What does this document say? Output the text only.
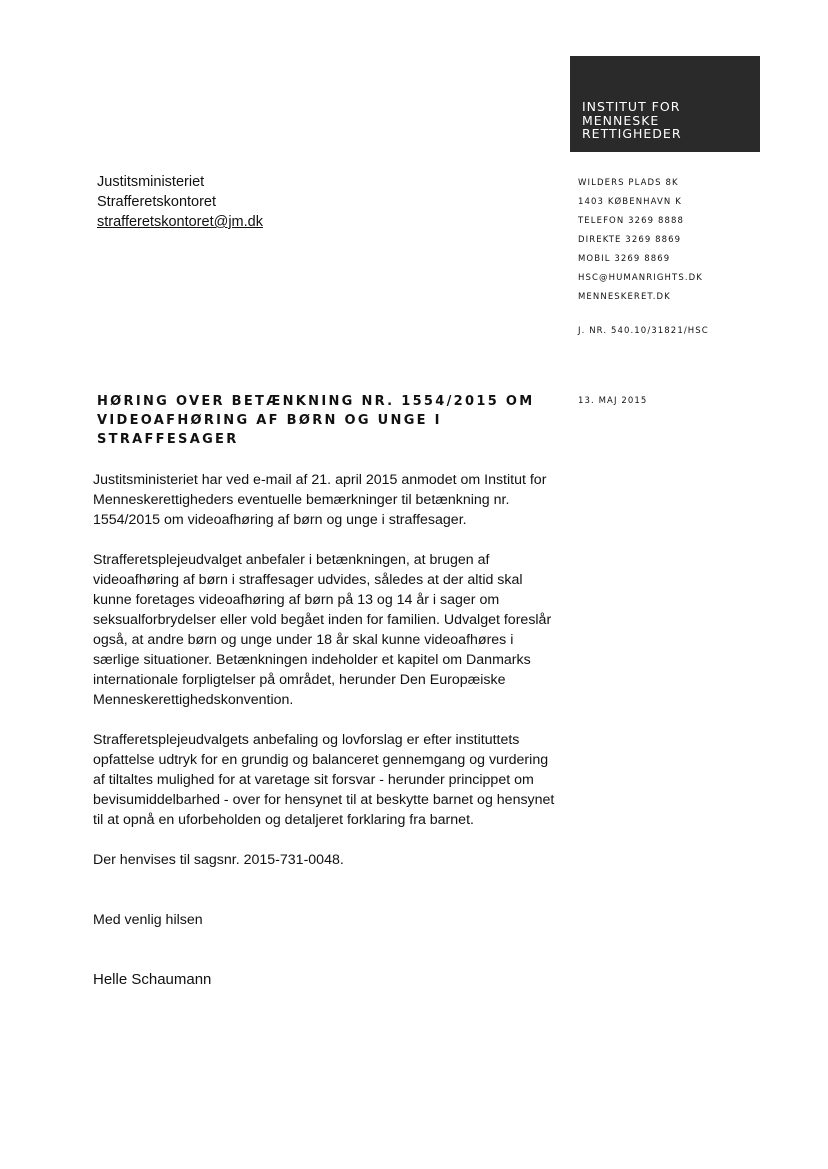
INSTITUT FOR
MENNESKE
RETTIGHEDER
Justitsministeriet
Strafferetskontoret
strafferetskontoret@jm.dk
WILDERS PLADS 8K
1403 KØBENHAVN K
TELEFON 3269 8888
DIREKTE 3269 8869
MOBIL 3269 8869
HSC@HUMANRIGHTS.DK
MENNESKERET.DK
J. NR. 540.10/31821/HSC
13. MAJ 2015
HØRING OVER BETÆNKNING NR. 1554/2015 OM
VIDEOAFHØRING AF BØRN OG UNGE I
STRAFFESAGER

Justitsministeriet har ved e-mail af 21. april 2015 anmodet om Institut for Menneskerettigheders eventuelle bemærkninger til betænkning nr. 1554/2015 om videoafhøring af børn og unge i straffesager.

Strafferetsplejeudvalget anbefaler i betænkningen, at brugen af videoafhøring af børn i straffesager udvides, således at der altid skal kunne foretages videoafhøring af børn på 13 og 14 år i sager om seksualforbrydelser eller vold begået inden for familien. Udvalget foreslår også, at andre børn og unge under 18 år skal kunne videoafhøres i særlige situationer. Betænkningen indeholder et kapitel om Danmarks internationale forpligtelser på området, herunder Den Europæiske Menneskerettighedskonvention.

Strafferetsplejeudvalgets anbefaling og lovforslag er efter instituttets opfattelse udtryk for en grundig og balanceret gennemgang og vurdering af tiltaltes mulighed for at varetage sit forsvar - herunder princippet om bevisumiddelbarhed - over for hensynet til at beskytte barnet og hensynet til at opnå en uforbeholden og detaljeret forklaring fra barnet.

Der henvises til sagsnr. 2015-731-0048.

Med venlig hilsen
Helle Schaumann
